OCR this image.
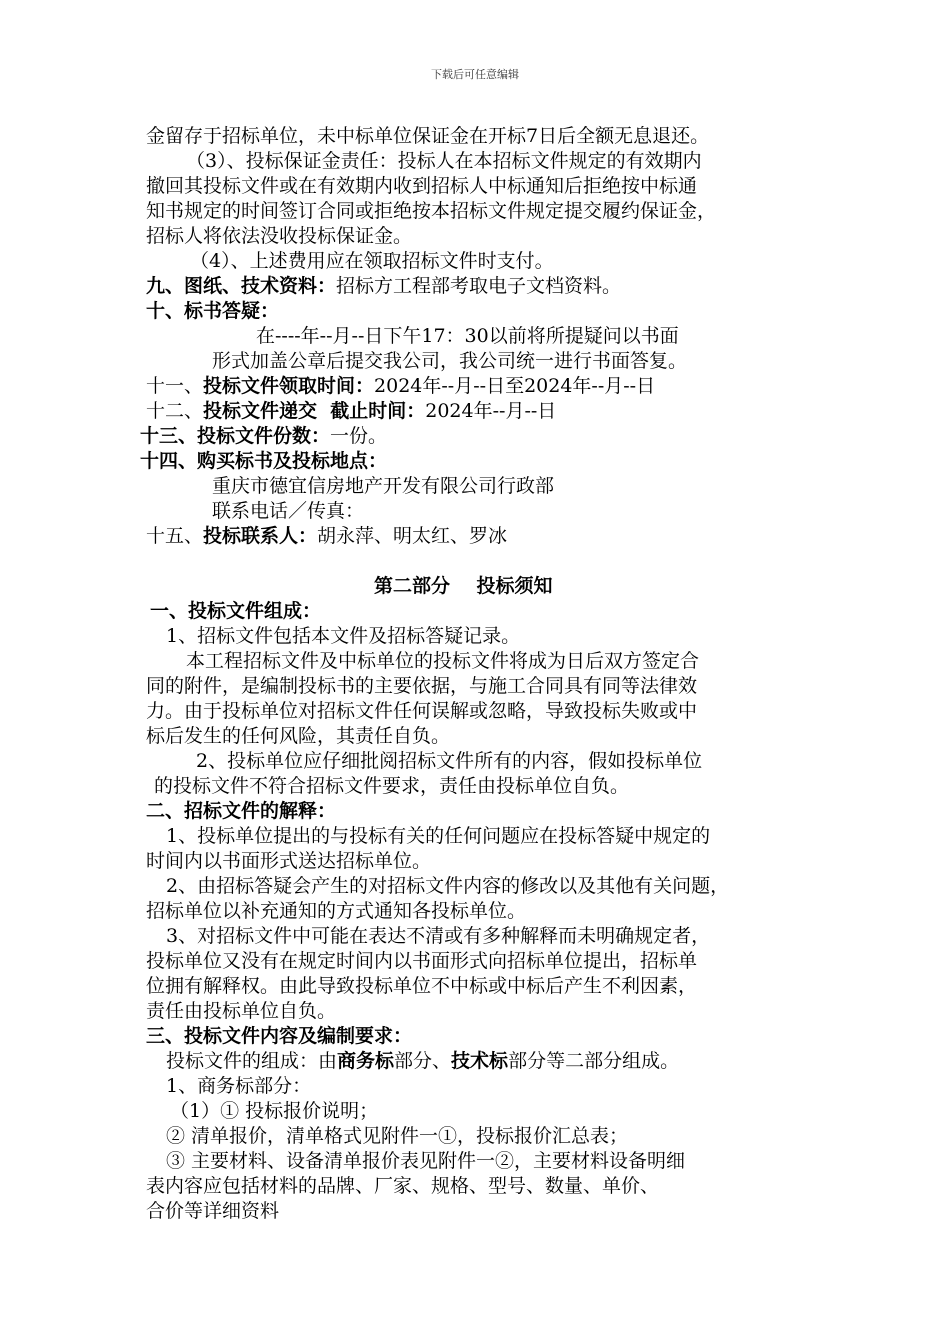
下载后可任意编辑
金留存于招标单位，未中标单位保证金在开标7日后全额无息退还。
（3）、投标保证金责任：投标人在本招标文件规定的有效期内
撤回其投标文件或在有效期内收到招标人中标通知后拒绝按中标通
知书规定的时间签订合同或拒绝按本招标文件规定提交履约保证金，
招标人将依法没收投标保证金。
（4）、上述费用应在领取招标文件时支付。
九、图纸、技术资料：招标方工程部考取电子文档资料。
十、标书答疑：
在----年--月--日下午17：30以前将所提疑问以书面
形式加盖公章后提交我公司，我公司统一进行书面答复。
十一、投标文件领取时间：2024年--月--日至2024年--月--日
十二、投标文件递交  截止时间：2024年--月--日
十三、投标文件份数：一份。
十四、购买标书及投标地点：
重庆市德宜信房地产开发有限公司行政部
联系电话／传真：
十五、投标联系人：胡永萍、明太红、罗冰
第二部分    投标须知
一、投标文件组成：
1、招标文件包括本文件及招标答疑记录。
本工程招标文件及中标单位的投标文件将成为日后双方签定合
同的附件，是编制投标书的主要依据，与施工合同具有同等法律效
力。由于投标单位对招标文件任何误解或忽略，导致投标失败或中
标后发生的任何风险，其责任自负。
2、投标单位应仔细批阅招标文件所有的内容，假如投标单位
的投标文件不符合招标文件要求，责任由投标单位自负。
二、招标文件的解释：
1、投标单位提出的与投标有关的任何问题应在投标答疑中规定的
时间内以书面形式送达招标单位。
2、由招标答疑会产生的对招标文件内容的修改以及其他有关问题，
招标单位以补充通知的方式通知各投标单位。
3、对招标文件中可能在表达不清或有多种解释而未明确规定者，
投标单位又没有在规定时间内以书面形式向招标单位提出，招标单
位拥有解释权。由此导致投标单位不中标或中标后产生不利因素，
责任由投标单位自负。
三、投标文件内容及编制要求：
投标文件的组成：由商务标部分、技术标部分等二部分组成。
1、商务标部分：
（1）① 投标报价说明；
② 清单报价，清单格式见附件一①，投标报价汇总表；
③ 主要材料、设备清单报价表见附件一②，主要材料设备明细
表内容应包括材料的品牌、厂家、规格、型号、数量、单价、
合价等详细资料
